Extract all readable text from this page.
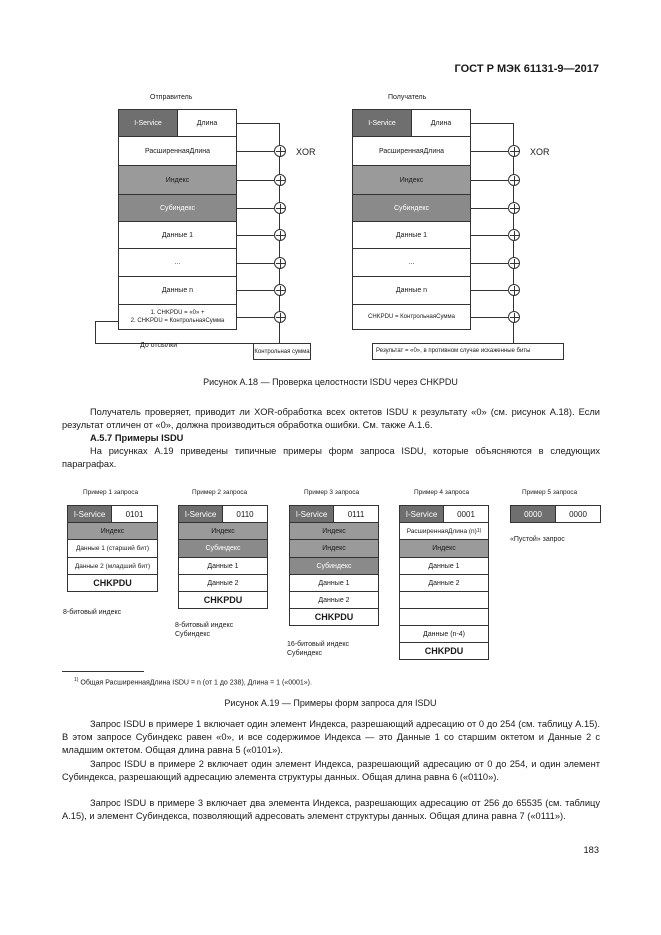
ГОСТ Р МЭК 61131-9—2017
Отправитель	Получатель
I-Service	Длина
РасширеннаяДлина
Индекс
Субиндекс
Данные 1
...
Данные n
1. CHKPDU = «0» +
2. CHKPDU = КонтрольнаяСумма
XOR
До отсылки
Контрольная сумма
I-Service	Длина
РасширеннаяДлина
Индекс
Субиндекс
Данные 1
...
Данные n
CHKPDU = КонтрольнаяСумма
XOR
Результат = «0», в противном случае искаженные биты
Рисунок А.18 — Проверка целостности ISDU через CHKPDU
Получатель проверяет, приводит ли XOR-обработка всех октетов ISDU к результату «0» (см. рисунок А.18). Если результат отличен от «0», должна производиться обработка ошибки. См. также А.1.6.
А.5.7 Примеры ISDU
На рисунках А.19 приведены типичные примеры форм запроса ISDU, которые объясняются в следующих параграфах.
Пример 1 запроса
I-Service	0101
Индекс
Данные 1 (старший бит)
Данные 2 (младший бит)
CHKPDU
8-битовый индекс
Пример 2 запроса
I-Service	0110
Индекс
Субиндекс
Данные 1
Данные 2
CHKPDU
8-битовый индекс
Субиндекс
Пример 3 запроса
I-Service	0111
Индекс
Индекс
Субиндекс
Данные 1
Данные 2
CHKPDU
16-битовый индекс
Субиндекс
Пример 4 запроса
I-Service	0001
РасширеннаяДлина (n) 1)
Индекс
Данные 1
Данные 2
Данные (n-4)
CHKPDU
Пример 5 запроса
0000	0000
«Пустой» запрос
$^{1)}$ Общая РасширеннаяДлина ISDU = n (от 1 до 238), Длина = 1 («0001»).
Рисунок А.19 — Примеры форм запроса для ISDU
Запрос ISDU в примере 1 включает один элемент Индекса, разрешающий адресацию от 0 до 254 (см. таблицу А.15). В этом запросе Субиндекс равен «0», и все содержимое Индекса — это Данные 1 со старшим октетом и Данные 2 с младшим октетом. Общая длина равна 5 («0101»).
Запрос ISDU в примере 2 включает один элемент Индекса, разрешающий адресацию от 0 до 254, и один элемент Субиндекса, разрешающий адресацию элемента структуры данных. Общая длина равна 6 («0110»).
Запрос ISDU в примере 3 включает два элемента Индекса, разрешающих адресацию от 256 до 65535 (см. таблицу А.15), и элемент Субиндекса, позволяющий адресовать элемент структуры данных. Общая длина равна 7 («0111»).
183
